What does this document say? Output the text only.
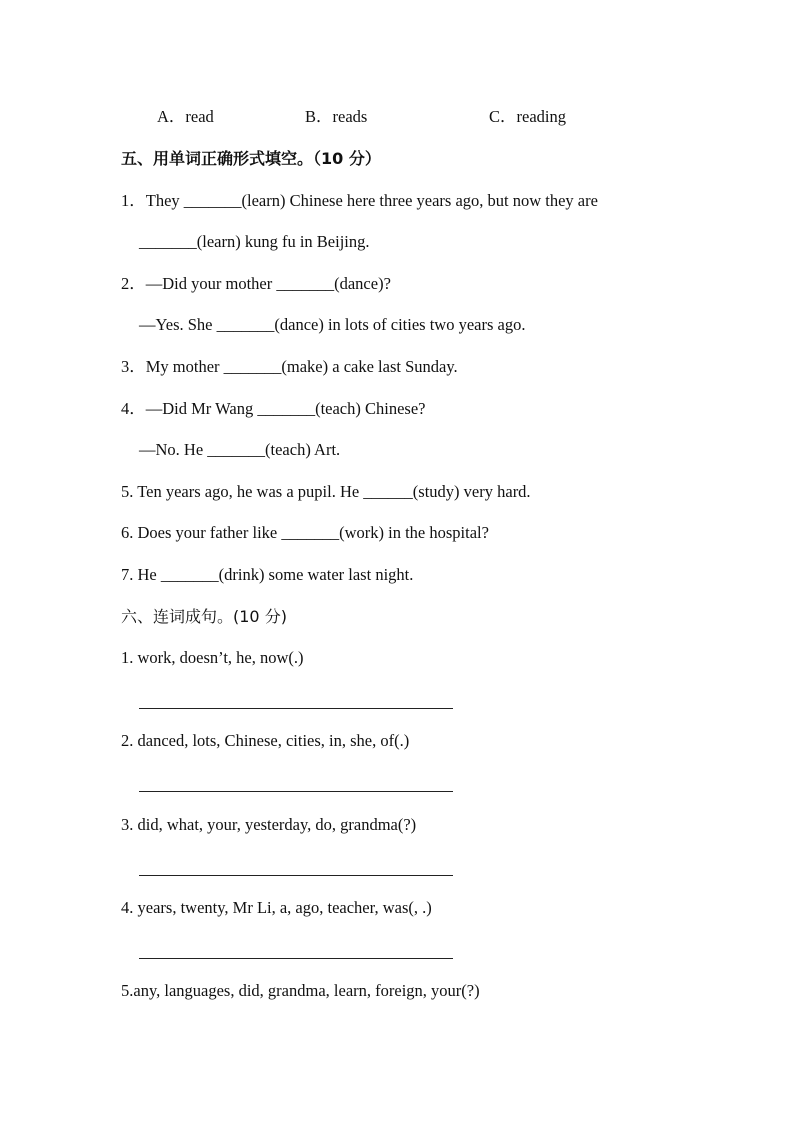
A．read	B．reads	C．reading
五、用单词正确形式填空。（10 分）
1．They _______(learn) Chinese here three years ago, but now they are
_______(learn) kung fu in Beijing.
2．—Did your mother _______(dance)?
—Yes. She _______(dance) in lots of cities two years ago.
3．My mother _______(make) a cake last Sunday.
4．—Did Mr Wang _______(teach) Chinese?
—No. He _______(teach) Art.
5. Ten years ago, he was a pupil. He ______(study) very hard.
6. Does your father like _______(work) in the hospital?
7. He _______(drink) some water last night.
六、连词成句。(10 分)
1. work, doesn’t, he, now(.)
2. danced, lots, Chinese, cities, in, she, of(.)
3. did, what, your, yesterday, do, grandma(?)
4. years, twenty, Mr Li, a, ago, teacher, was(, .)
5.any, languages, did, grandma, learn, foreign, your(?)
